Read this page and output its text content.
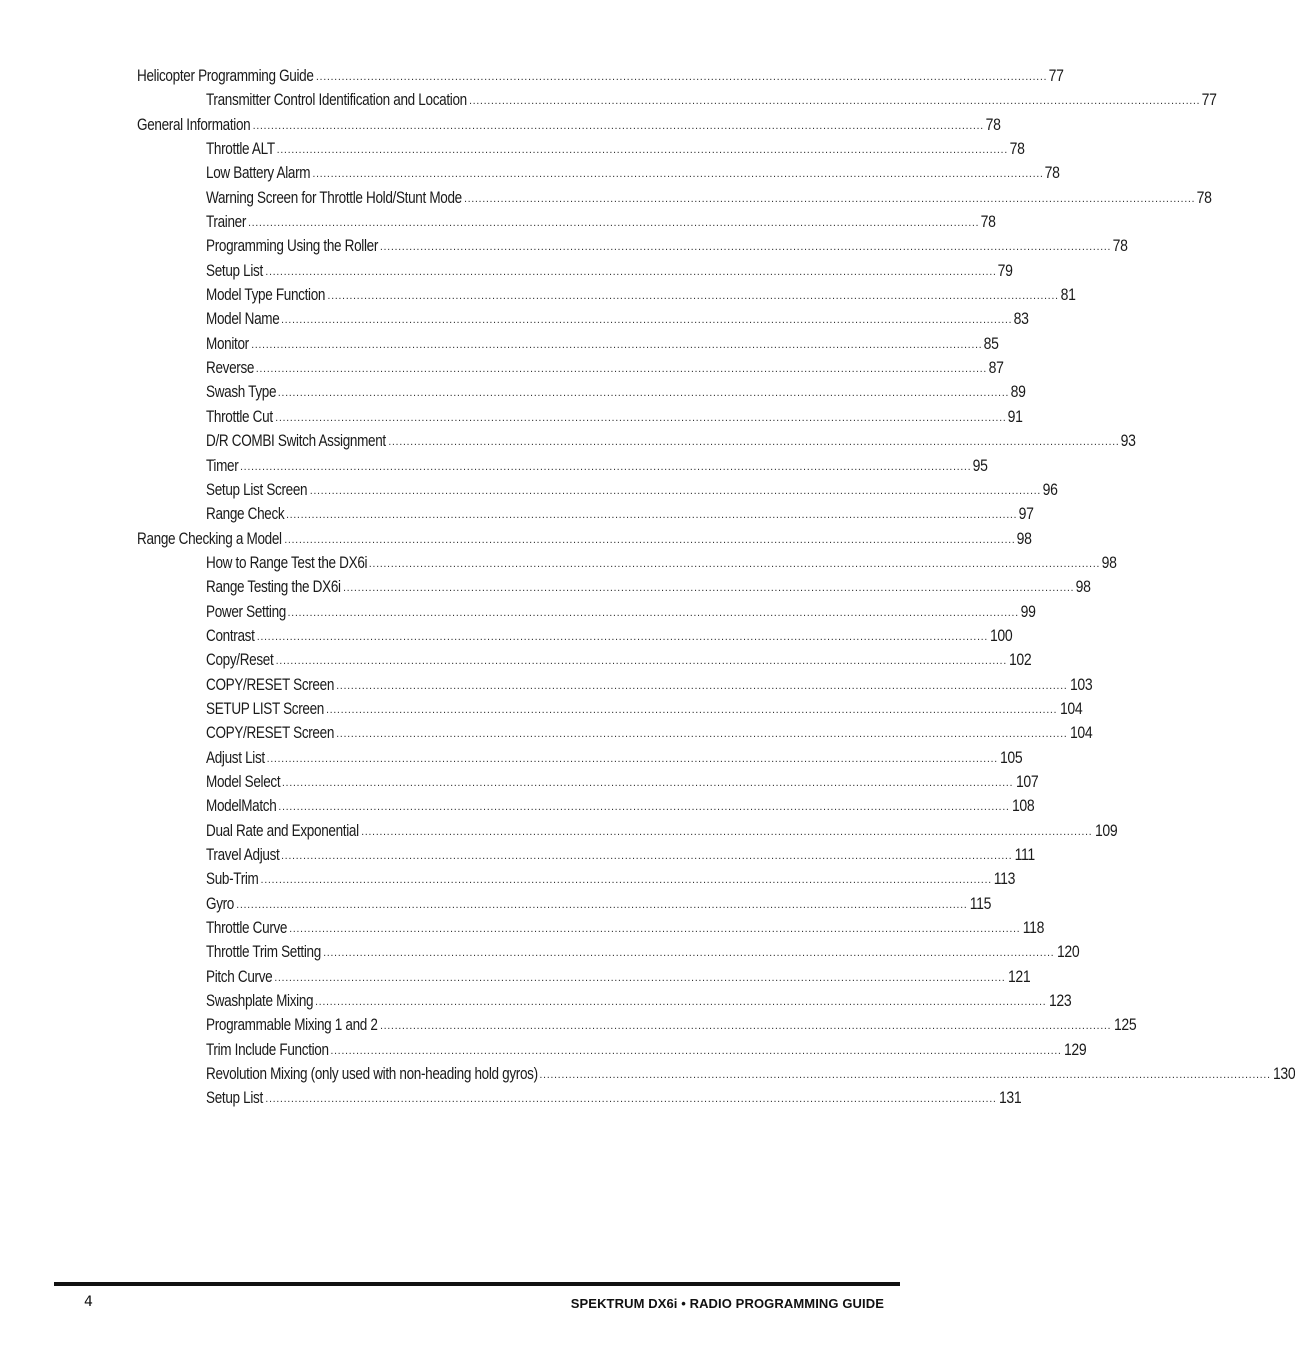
Helicopter Programming Guide ........................................................................................................................................................................................................ 77
Transmitter Control Identification and Location ........................................................................................................................................................................................................ 77
General Information ........................................................................................................................................................................................................ 78
Throttle ALT ........................................................................................................................................................................................................ 78
Low Battery Alarm ........................................................................................................................................................................................................ 78
Warning Screen for Throttle Hold/Stunt Mode ........................................................................................................................................................................................................ 78
Trainer ........................................................................................................................................................................................................ 78
Programming Using the Roller ........................................................................................................................................................................................................ 78
Setup List ........................................................................................................................................................................................................ 79
Model Type Function ........................................................................................................................................................................................................ 81
Model Name ........................................................................................................................................................................................................ 83
Monitor ........................................................................................................................................................................................................ 85
Reverse ........................................................................................................................................................................................................ 87
Swash Type ........................................................................................................................................................................................................ 89
Throttle Cut ........................................................................................................................................................................................................ 91
D/R COMBI Switch Assignment ........................................................................................................................................................................................................ 93
Timer ........................................................................................................................................................................................................ 95
Setup List Screen ........................................................................................................................................................................................................ 96
Range Check ........................................................................................................................................................................................................ 97
Range Checking a Model ........................................................................................................................................................................................................ 98
How to Range Test the DX6i ........................................................................................................................................................................................................ 98
Range Testing the DX6i ........................................................................................................................................................................................................ 98
Power Setting ........................................................................................................................................................................................................ 99
Contrast ........................................................................................................................................................................................................ 100
Copy/Reset ........................................................................................................................................................................................................ 102
COPY/RESET Screen ........................................................................................................................................................................................................ 103
SETUP LIST Screen ........................................................................................................................................................................................................ 104
COPY/RESET Screen ........................................................................................................................................................................................................ 104
Adjust List ........................................................................................................................................................................................................ 105
Model Select ........................................................................................................................................................................................................ 107
ModelMatch ........................................................................................................................................................................................................ 108
Dual Rate and Exponential ........................................................................................................................................................................................................ 109
Travel Adjust ........................................................................................................................................................................................................ 111
Sub-Trim ........................................................................................................................................................................................................ 113
Gyro ........................................................................................................................................................................................................ 115
Throttle Curve ........................................................................................................................................................................................................ 118
Throttle Trim Setting ........................................................................................................................................................................................................ 120
Pitch Curve ........................................................................................................................................................................................................ 121
Swashplate Mixing ........................................................................................................................................................................................................ 123
Programmable Mixing 1 and 2 ........................................................................................................................................................................................................ 125
Trim Include Function ........................................................................................................................................................................................................ 129
Revolution Mixing (only used with non-heading hold gyros) ........................................................................................................................................................................................................ 130
Setup List ........................................................................................................................................................................................................ 131
4	SPEKTRUM DX6i • RADIO PROGRAMMING GUIDE
